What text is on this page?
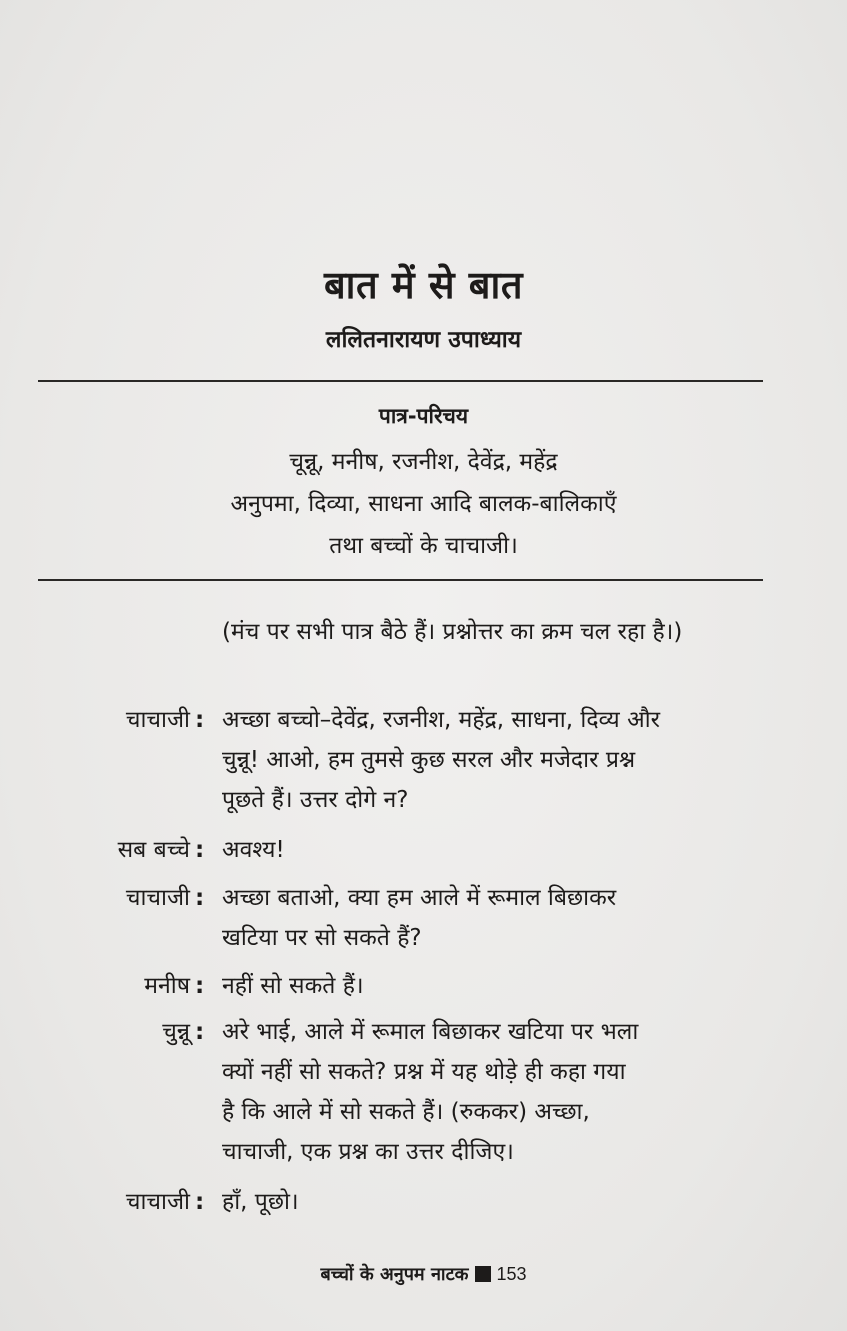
बात में से बात
ललितनारायण उपाध्याय
पात्र-परिचय
चून्नू, मनीष, रजनीश, देवेंद्र, महेंद्र
अनुपमा, दिव्या, साधना आदि बालक-बालिकाएँ
तथा बच्चों के चाचाजी।
(मंच पर सभी पात्र बैठे हैं। प्रश्नोत्तर का क्रम चल रहा है।)
चाचाजी : अच्छा बच्चो–देवेंद्र, रजनीश, महेंद्र, साधना, दिव्य और
चुन्नू! आओ, हम तुमसे कुछ सरल और मजेदार प्रश्न
पूछते हैं। उत्तर दोगे न?
सब बच्चे : अवश्य!
चाचाजी : अच्छा बताओ, क्या हम आले में रूमाल बिछाकर
खटिया पर सो सकते हैं?
मनीष : नहीं सो सकते हैं।
चुन्नू : अरे भाई, आले में रूमाल बिछाकर खटिया पर भला
क्यों नहीं सो सकते? प्रश्न में यह थोड़े ही कहा गया
है कि आले में सो सकते हैं। (रुककर) अच्छा,
चाचाजी, एक प्रश्न का उत्तर दीजिए।
चाचाजी : हाँ, पूछो।
बच्चों के अनुपम नाटक 153
